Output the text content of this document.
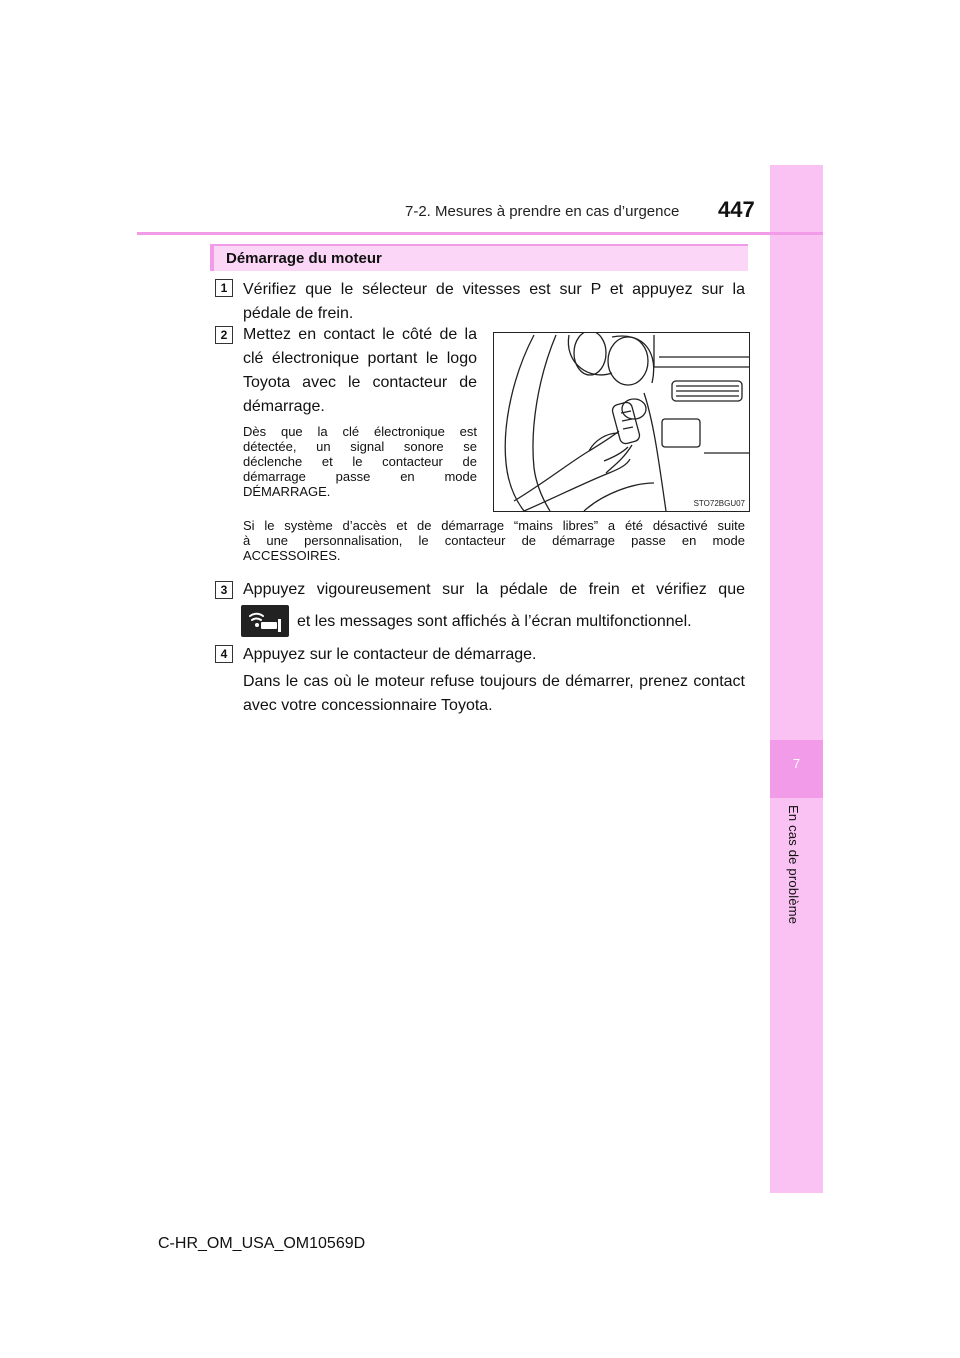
7
En cas de problème
7-2. Mesures à prendre en cas d’urgence 447
Démarrage du moteur
1 Vérifiez que le sélecteur de vitesses est sur P et appuyez sur la
pédale de frein.
2 Mettez en contact le côté de la
clé électronique portant le logo
Toyota avec le contacteur de
démarrage.
Dès que la clé électronique est
détectée, un signal sonore se
déclenche et le contacteur de
démarrage passe en mode
DÉMARRAGE.
STO72BGU07
Si le système d’accès et de démarrage “mains libres” a été désactivé suite
à une personnalisation, le contacteur de démarrage passe en mode
ACCESSOIRES.
3 Appuyez vigoureusement sur la pédale de frein et vérifiez que
et les messages sont affichés à l’écran multifonctionnel.
4 Appuyez sur le contacteur de démarrage.
Dans le cas où le moteur refuse toujours de démarrer, prenez contact
avec votre concessionnaire Toyota.
C-HR_OM_USA_OM10569D
